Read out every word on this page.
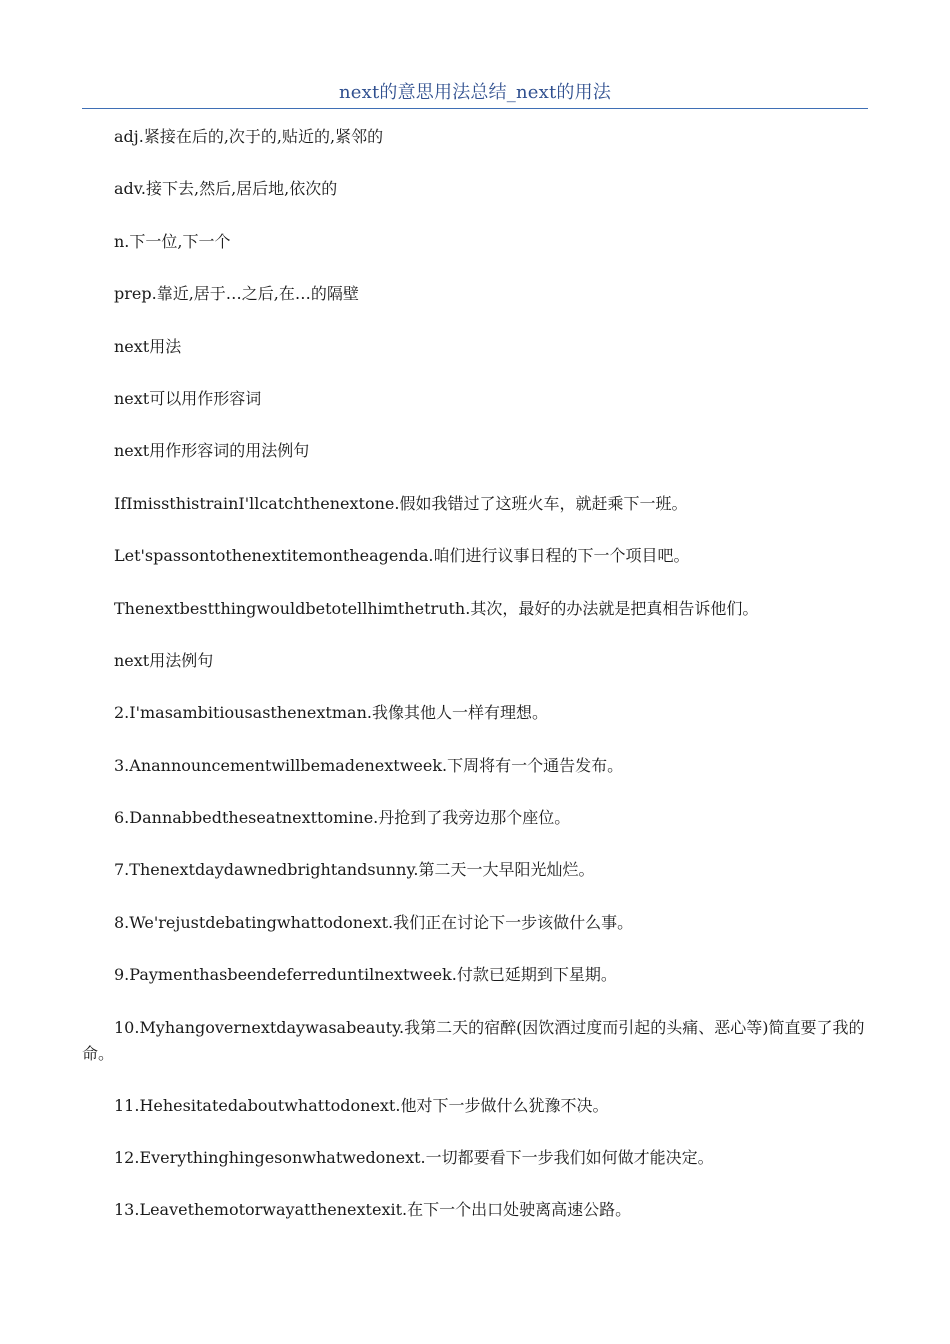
next的意思用法总结_next的用法

adj.紧接在后的,次于的,贴近的,紧邻的

adv.接下去,然后,居后地,依次的

n.下一位,下一个

prep.靠近,居于…之后,在…的隔壁

next用法

next可以用作形容词

next用作形容词的用法例句

IfImissthistrainI'llcatchthenextone.假如我错过了这班火车，就赶乘下一班。

Let'spassontothenextitemontheagenda.咱们进行议事日程的下一个项目吧。

Thenextbestthingwouldbetotellhimthetruth.其次，最好的办法就是把真相告诉他们。

next用法例句

2.I'masambitiousasthenextman.我像其他人一样有理想。

3.Anannouncementwillbemadenextweek.下周将有一个通告发布。

6.Dannabbedtheseatnexttomine.丹抢到了我旁边那个座位。

7.Thenextdaydawnedbrightandsunny.第二天一大早阳光灿烂。

8.We'rejustdebatingwhattodonext.我们正在讨论下一步该做什么事。

9.Paymenthasbeendeferreduntilnextweek.付款已延期到下星期。

10.Myhangovernextdaywasabeauty.我第二天的宿醉(因饮酒过度而引起的头痛、恶心等)简直要了我的命。

11.Hehesitatedaboutwhattodonext.他对下一步做什么犹豫不决。

12.Everythinghingesonwhatwedonext.一切都要看下一步我们如何做才能决定。

13.Leavethemotorwayatthenextexit.在下一个出口处驶离高速公路。
